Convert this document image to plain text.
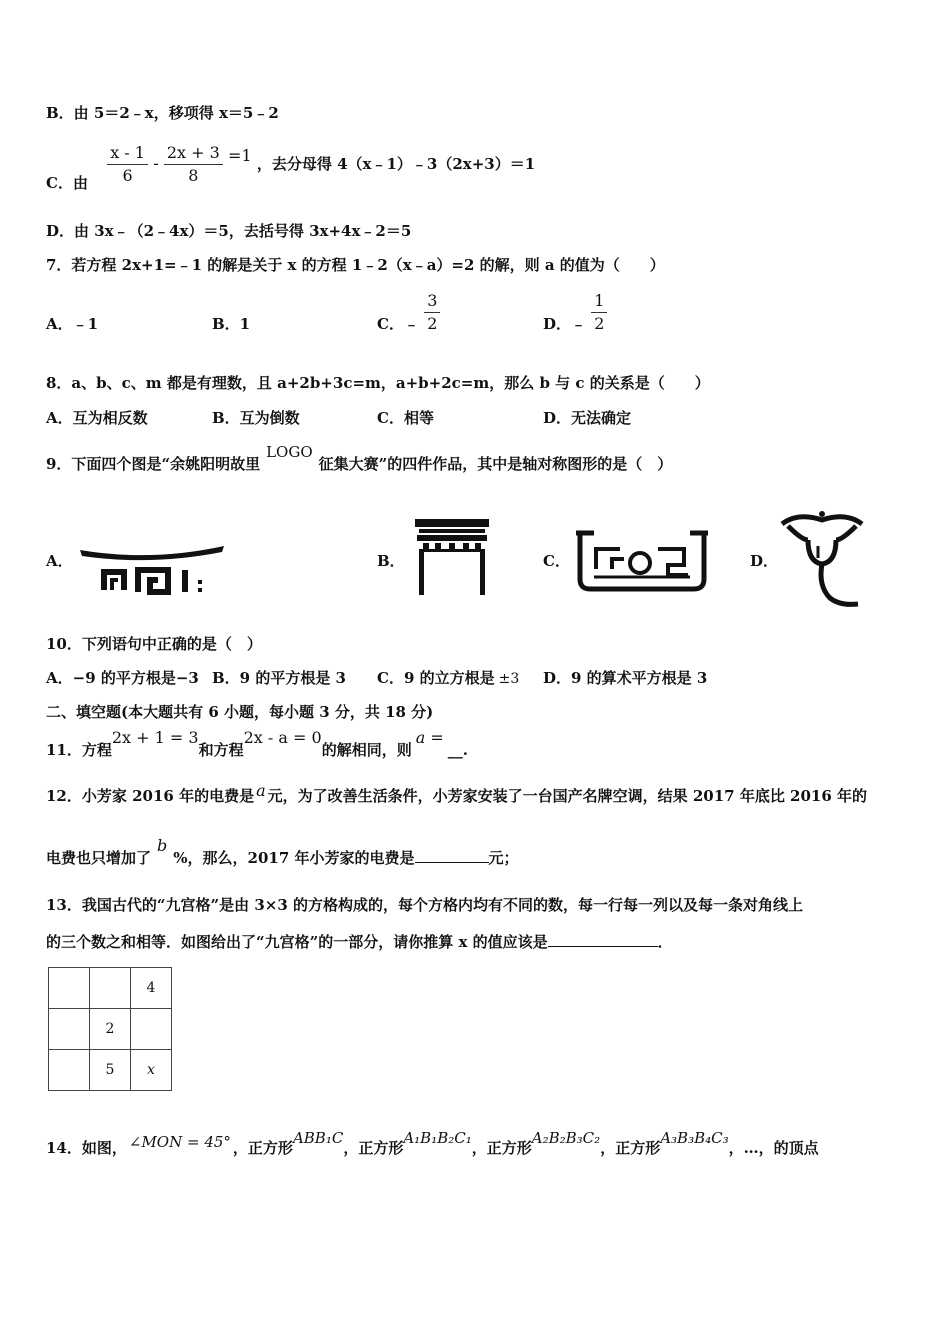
B．由 5＝2﹣x，移项得 x＝5﹣2
C．由 $\frac{x - 1}{6} - \frac{2x + 3}{8} =1$ ，去分母得 4（x﹣1）﹣3（2x+3）＝1
D．由 3x﹣（2﹣4x）＝5，去括号得 3x+4x﹣2＝5
7．若方程 2x+1=﹣1 的解是关于 x 的方程 1﹣2（x﹣a）=2 的解，则 a 的值为（　　）
A．﹣1	B．1	C．﹣ $\frac{3}{2}$	D．﹣ $\frac{1}{2}$
8．a、b、c、m 都是有理数，且 a+2b+3c=m，a+b+2c=m，那么 b 与 c 的关系是（　　）
A．互为相反数	B．互为倒数	C．相等	D．无法确定
9．下面四个图是“余姚阳明故里LOGO征集大赛”的四件作品，其中是轴对称图形的是（　）
A．	B．	C．	D．
10．下列语句中正确的是（　）
A．−9 的平方根是−3 B．9 的平方根是 3 C．9 的立方根是 ±3 D．9 的算术平方根是 3
二、填空题(本大题共有 6 小题，每小题 3 分，共 18 分)
11．方程2x + 1 = 3和方程2x - a = 0的解相同，则a =__.
12．小芳家 2016 年的电费是 a 元，为了改善生活条件，小芳家安装了一台国产名牌空调，结果 2017 年底比 2016 年的
电费也只增加了b%，那么，2017 年小芳家的电费是	元；
13．我国古代的“九宫格”是由 3×3 的方格构成的，每个方格内均有不同的数，每一行每一列以及每一条对角线上
的三个数之和相等．如图给出了“九宫格”的一部分，请你推算 x 的值应该是	．
		4
	2	
	5	x
14．如图， ∠MON = 45° ，正方形ABB₁C，正方形A₁B₁B₂C₁，正方形A₂B₂B₃C₂，正方形A₃B₃B₄C₃，…，的顶点
